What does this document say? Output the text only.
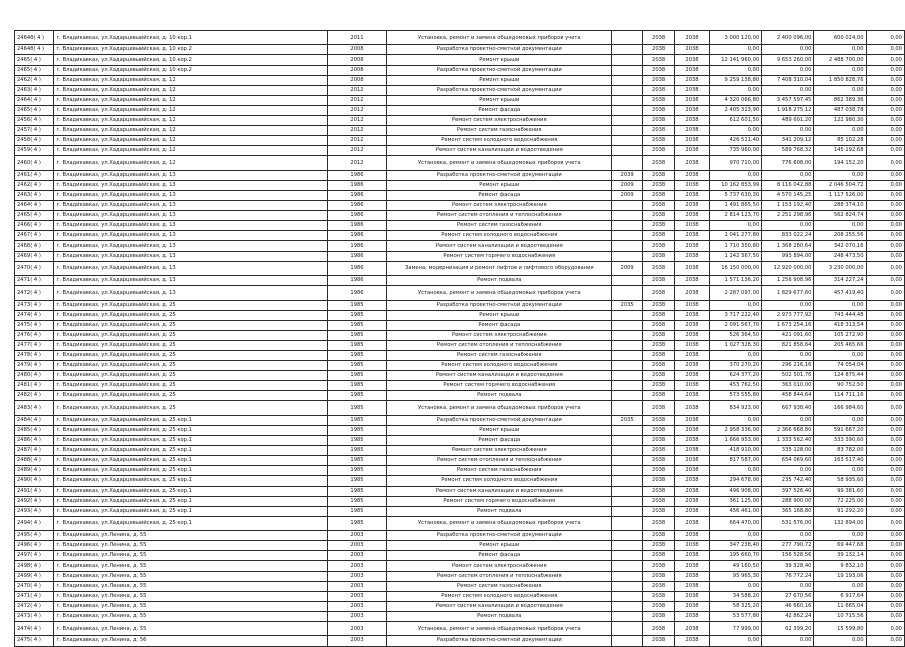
2464б( 4 )	г. Владикавказ, ул.Хадарцевыийская, д. 10 кор.1	2011	Установка, ремонт и замена общедомовых приборов учета		2038	2038	3 000 120,00	2 400 096,00	600 024,00	0,00
2464б( 4 )	г. Владикавказ, ул.Хадарцевыийская, д. 10 кор.2	2008	Разработка проектно-сметной документации		2038	2038	0,00	0,00	0,00	0,00
2465( 4 )	г. Владикавказ, ул.Хадарцевыийская, д. 10 кор.2	2008	Ремонт крыши		2038	2038	12 141 960,00	9 653 260,00	2 488 700,00	0,00
2465( 4 )	г. Владикавказ, ул.Хадарцевыийская, д. 10 кор.2	2008	Разработка проектно-сметной документации		2038	2038	0,00	0,00	0,00	0,00
2462( 4 )	г. Владикавказ, ул.Хадарцевыийская, д. 12	2008	Ремонт крыши		2038	2038	9 259 138,80	7 408 310,04	1 850 828,76	0,00
2463( 4 )	г. Владикавказ, ул.Хадарцевыийская, д. 12	2012	Разработка проектно-сметной документации		2038	2038	0,00	0,00	0,00	0,00
2464( 4 )	г. Владикавказ, ул.Хадарцевыийская, д. 12	2012	Ремонт крыши		2038	2038	4 320 066,80	3 457 597,45	862 389,36	0,00
2465( 4 )	г. Владикавказ, ул.Хадарцевыийская, д. 12	2012	Ремонт фасада		2038	2038	2 405 313,90	1 918 275,12	487 038,78	0,00
2456( 4 )	г. Владикавказ, ул.Хадарцевыийская, д. 12	2012	Ремонт систем электроснабжения		2038	2038	612 601,50	489 601,20	122 980,30	0,00
2457( 4 )	г. Владикавказ, ул.Хадарцевыийская, д. 12	2012	Ремонт систем газоснабжения		2038	2038	0,00	0,00	0,00	0,00
2458( 4 )	г. Владикавказ, ул.Хадарцевыийская, д. 12	2012	Ремонт систем холодного водоснабжения		2038	2038	426 511,40	341 209,12	85 102,28	0,00
2459( 4 )	г. Владикавказ, ул.Хадарцевыийская, д. 12	2012	Ремонт систем канализации и водоотведения		2038	2038	735 960,00	589 768,32	145 192,68	0,00
2460( 4 )	г. Владикавказ, ул.Хадарцевыийская, д. 12	2012	Установка, ремонт и замена общедомовых приборов учета		2038	2038	970 710,00	776 608,00	194 152,20	0,00
2461( 4 )	г. Владикавказ, ул.Хадарцевыийская, д. 13	1986	Разработка проектно-сметной документации	2039	2038	2038	0,00	0,00	0,00	0,00
2462( 4 )	г. Владикавказ, ул.Хадарцевыийская, д. 13	1986	Ремонт крыши	2009	2038	2038	10 162 853,99	8 116 042,88	2 046 504,72	0,00
2463( 4 )	г. Владикавказ, ул.Хадарцевыийская, д. 13	1986	Ремонт фасада	2009	2038	2038	5 737 630,30	4 570 145,25	1 117 526,00	0,00
2464( 4 )	г. Владикавказ, ул.Хадарцевыийская, д. 13	1986	Ремонт систем электроснабжения		2038	2038	1 491 865,50	1 153 192,40	288 374,10	0,00
2465( 4 )	г. Владикавказ, ул.Хадарцевыийская, д. 13	1986	Ремонт систем отопления и теплоснабжения		2038	2038	2 814 123,70	2 251 298,96	562 824,74	0,00
2466( 4 )	г. Владикавказ, ул.Хадарцевыийская, д. 13	1986	Ремонт систем газоснабжения		2038	2038	0,00	0,00	0,00	0,00
2467( 4 )	г. Владикавказ, ул.Хадарцевыийская, д. 13	1986	Ремонт систем холодного водоснабжения		2038	2038	1 041 277,80	833 022,24	208 255,56	0,00
2468( 4 )	г. Владикавказ, ул.Хадарцевыийская, д. 13	1986	Ремонт систем канализации и водоотведения		2038	2038	1 710 350,80	1 368 280,64	342 070,16	0,00
2469( 4 )	г. Владикавказ, ул.Хадарцевыийская, д. 13	1986	Ремонт систем горячего водоснабжения		2038	2038	1 242 367,50	993 894,00	248 473,50	0,00
2470( 4 )	г. Владикавказ, ул.Хадарцевыийская, д. 13	1986	Замена, модернизация и ремонт лифтов и лифтового оборудования	2009	2038	2038	16 150 000,00	12 920 000,00	3 230 000,00	0,00
2471( 4 )	г. Владикавказ, ул.Хадарцевыийская, д. 13	1986	Ремонт подвала		2038	2038	1 571 136,20	1 256 908,96	314 227,24	0,00
2472( 4 )	г. Владикавказ, ул.Хадарцевыийская, д. 13	1986	Установка, ремонт и замена общедомовых приборов учета		2038	2038	2 287 097,00	1 829 677,60	457 419,40	0,00
2473( 4 )	г. Владикавказ, ул.Хадарцевыийская, д. 25	1985	Разработка проектно-сметной документации	2035	2038	2038	0,00	0,00	0,00	0,00
2474( 4 )	г. Владикавказ, ул.Хадарцевыийская, д. 25	1985	Ремонт крыши		2038	2038	3 717 222,40	2 973 777,92	743 444,48	0,00
2475( 4 )	г. Владикавказ, ул.Хадарцевыийская, д. 25	1985	Ремонт фасада		2038	2038	2 091 567,70	1 673 254,16	418 313,54	0,00
2476( 4 )	г. Владикавказ, ул.Хадарцевыийская, д. 25	1985	Ремонт систем электроснабжения		2038	2038	526 364,50	421 091,60	105 272,90	0,00
2477( 4 )	г. Владикавказ, ул.Хадарцевыийская, д. 25	1985	Ремонт систем отопления и теплоснабжения		2038	2038	1 027 328,30	821 858,64	205 465,66	0,00
2478( 4 )	г. Владикавказ, ул.Хадарцевыийская, д. 25	1985	Ремонт систем газоснабжения		2038	2038	0,00	0,00	0,00	0,00
2479( 4 )	г. Владикавказ, ул.Хадарцевыийская, д. 25	1985	Ремонт систем холодного водоснабжения		2038	2038	370 270,20	296 216,16	74 054,04	0,00
2480( 4 )	г. Владикавказ, ул.Хадарцевыийская, д. 25	1985	Ремонт систем канализации и водоотведения		2038	2038	624 377,20	502 501,76	124 875,44	0,00
2481( 4 )	г. Владикавказ, ул.Хадарцевыийская, д. 25	1985	Ремонт систем горячего водоснабжения		2038	2038	453 762,50	363 010,00	90 752,50	0,00
2482( 4 )	г. Владикавказ, ул.Хадарцевыийская, д. 25	1985	Ремонт подвала		2038	2038	573 555,80	458 844,64	114 711,16	0,00
2483( 4 )	г. Владикавказ, ул.Хадарцевыийская, д. 25	1985	Установка, ремонт и замена общедомовых приборов учета		2038	2038	834 923,00	667 938,40	166 984,60	0,00
2484( 4 )	г. Владикавказ, ул.Хадарцевыийская, д. 25 кор.1	1985	Разработка проектно-сметной документации	2035	2038	2038	0,00	0,00	0,00	0,00
2485( 4 )	г. Владикавказ, ул.Хадарцевыийская, д. 25 кор.1	1985	Ремонт крыши		2038	2038	2 958 336,00	2 366 668,80	591 667,20	0,00
2486( 4 )	г. Владикавказ, ул.Хадарцевыийская, д. 25 кор.1	1985	Ремонт фасада		2038	2038	1 666 953,00	1 333 562,40	333 390,60	0,00
2487( 4 )	г. Владикавказ, ул.Хадарцевыийская, д. 25 кор.1	1985	Ремонт систем электроснабжения		2038	2038	418 910,00	335 128,00	83 782,00	0,00
2488( 4 )	г. Владикавказ, ул.Хадарцевыийская, д. 25 кор.1	1985	Ремонт систем отопления и теплоснабжения		2038	2038	817 587,00	654 069,60	163 517,40	0,00
2489( 4 )	г. Владикавказ, ул.Хадарцевыийская, д. 25 кор.1	1985	Ремонт систем газоснабжения		2038	2038	0,00	0,00	0,00	0,00
2490( 4 )	г. Владикавказ, ул.Хадарцевыийская, д. 25 кор.1	1985	Ремонт систем холодного водоснабжения		2038	2038	294 678,00	235 742,40	58 935,60	0,00
2491( 4 )	г. Владикавказ, ул.Хадарцевыийская, д. 25 кор.1	1985	Ремонт систем канализации и водоотведения		2038	2038	496 908,00	397 526,40	99 381,60	0,00
2492( 4 )	г. Владикавказ, ул.Хадарцевыийская, д. 25 кор.1	1985	Ремонт систем горячего водоснабжения		2038	2038	361 125,00	288 900,00	72 225,00	0,00
2493( 4 )	г. Владикавказ, ул.Хадарцевыийская, д. 25 кор.1	1985	Ремонт подвала		2038	2038	456 461,00	365 168,80	91 292,20	0,00
2494( 4 )	г. Владикавказ, ул.Хадарцевыийская, д. 25 кор.1	1985	Установка, ремонт и замена общедомовых приборов учета		2038	2038	664 470,00	531 576,00	132 894,00	0,00
2495( 4 )	г. Владикавказ, ул.Ленина, д. 55	2003	Разработка проектно-сметной документации		2038	2038	0,00	0,00	0,00	0,00
2496( 4 )	г. Владикавказ, ул.Ленина, д. 55	2003	Ремонт крыши		2038	2038	347 238,40	277 790,72	69 447,68	0,00
2497( 4 )	г. Владикавказ, ул.Ленина, д. 55	2003	Ремонт фасада		2038	2038	195 660,70	156 528,56	39 132,14	0,00
2498( 4 )	г. Владикавказ, ул.Ленина, д. 55	2003	Ремонт систем электроснабжения		2038	2038	49 160,50	39 328,40	9 832,10	0,00
2499( 4 )	г. Владикавказ, ул.Ленина, д. 55	2003	Ремонт систем отопления и теплоснабжения		2038	2038	95 965,30	76 772,24	19 193,06	0,00
2470( 4 )	г. Владикавказ, ул.Ленина, д. 55	2003	Ремонт систем газоснабжения		2038	2038	0,00	0,00	0,00	0,00
2471( 4 )	г. Владикавказ, ул.Ленина, д. 55	2003	Ремонт систем холодного водоснабжения		2038	2038	34 588,20	27 670,56	6 917,64	0,00
2472( 4 )	г. Владикавказ, ул.Ленина, д. 55	2003	Ремонт систем канализации и водоотведения		2038	2038	58 325,20	46 660,16	11 665,04	0,00
2473( 4 )	г. Владикавказ, ул.Ленина, д. 55	2003	Ремонт подвала		2038	2038	53 577,80	42 862,24	10 715,56	0,00
2474( 4 )	г. Владикавказ, ул.Ленина, д. 55	2003	Установка, ремонт и замена общедомовых приборов учета		2038	2038	77 999,00	62 399,20	15 599,80	0,00
2475( 4 )	г. Владикавказ, ул.Ленина, д. 56	2003	Разработка проектно-сметной документации		2038	2038	0,00	0,00	0,00	0,00
